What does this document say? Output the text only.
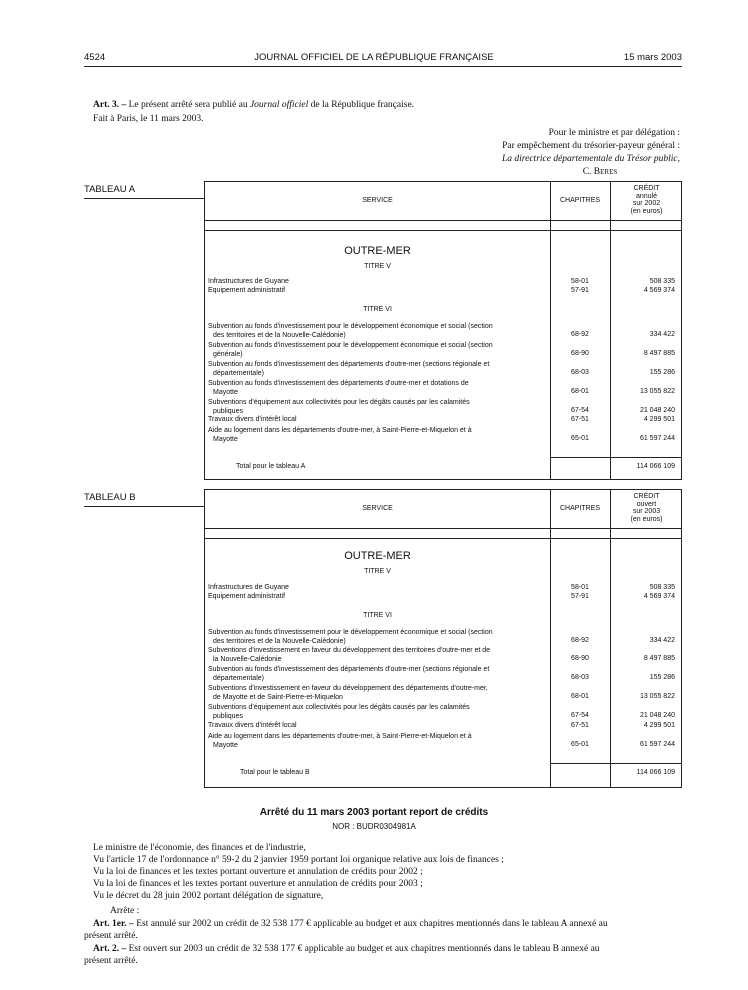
4524	JOURNAL OFFICIEL DE LA RÉPUBLIQUE FRANÇAISE	15 mars 2003
Art. 3. – Le présent arrêté sera publié au Journal officiel de la République française.
Fait à Paris, le 11 mars 2003.
Pour le ministre et par délégation :
Par empêchement du trésorier-payeur général :
La directrice départementale du Trésor public,
C. Beres
TABLEAU A
SERVICE	CHAPITRES
CRÉDIT
annulé
sur 2002
(en euros)
OUTRE-MER
TITRE V
Infrastructures de Guyane	58-01	508 335
Equipement administratif	57-91	4 569 374
TITRE VI
Subvention au fonds d'investissement pour le développement économique et social (section
des territoires et de la Nouvelle-Calédonie)	68-92	334 422
Subvention au fonds d'investissement pour le développement économique et social (section
générale)	68-90	8 497 885
Subvention au fonds d'investissement des départements d'outre-mer (sections régionale et
départementale)	68-03	155 286
Subvention au fonds d'investissement des départements d'outre-mer et dotations de
Mayotte	68-01	13 055 822
Subventions d'équipement aux collectivités pour les dégâts causés par les calamités
publiques	67-54	21 048 240
Travaux divers d'intérêt local	67-51	4 299 501
Aide au logement dans les départements d'outre-mer, à Saint-Pierre-et-Miquelon et à
Mayotte	65-01	61 597 244
Total pour le tableau A	114 066 109
TABLEAU B
SERVICE	CHAPITRES
CRÉDIT
ouvert
sur 2003
(en euros)
OUTRE-MER
TITRE V
Infrastructures de Guyane	58-01	508 335
Equipement administratif	57-91	4 569 374
TITRE VI
Subvention au fonds d'investissement pour le développement économique et social (section
des territoires et de la Nouvelle-Calédonie)	68-92	334 422
Subventions d'investissement en faveur du développement des territoires d'outre-mer et de
la Nouvelle-Calédonie	68-90	8 497 885
Subvention au fonds d'investissement des départements d'outre-mer (sections régionale et
départementale)	68-03	155 286
Subventions d'investissement en faveur du développement des départements d'outre-mer,
de Mayotte et de Saint-Pierre-et-Miquelon	68-01	13 055 822
Subventions d'équipement aux collectivités pour les dégâts causés par les calamités
publiques	67-54	21 048 240
Travaux divers d'intérêt local	67-51	4 299 501
Aide au logement dans les départements d'outre-mer, à Saint-Pierre-et-Miquelon et à
Mayotte	65-01	61 597 244
Total pour le tableau B	114 066 109
Arrêté du 11 mars 2003 portant report de crédits
NOR : BUDR0304981A
Le ministre de l'économie, des finances et de l'industrie,
Vu l'article 17 de l'ordonnance n° 59-2 du 2 janvier 1959 portant loi organique relative aux lois de finances ;
Vu la loi de finances et les textes portant ouverture et annulation de crédits pour 2002 ;
Vu la loi de finances et les textes portant ouverture et annulation de crédits pour 2003 ;
Vu le décret du 28 juin 2002 portant délégation de signature,
Arrête :
Art. 1er. – Est annulé sur 2002 un crédit de 32 538 177 € applicable au budget et aux chapitres mentionnés dans le tableau A annexé au
présent arrêté.
Art. 2. – Est ouvert sur 2003 un crédit de 32 538 177 € applicable au budget et aux chapitres mentionnés dans le tableau B annexé au
présent arrêté.
